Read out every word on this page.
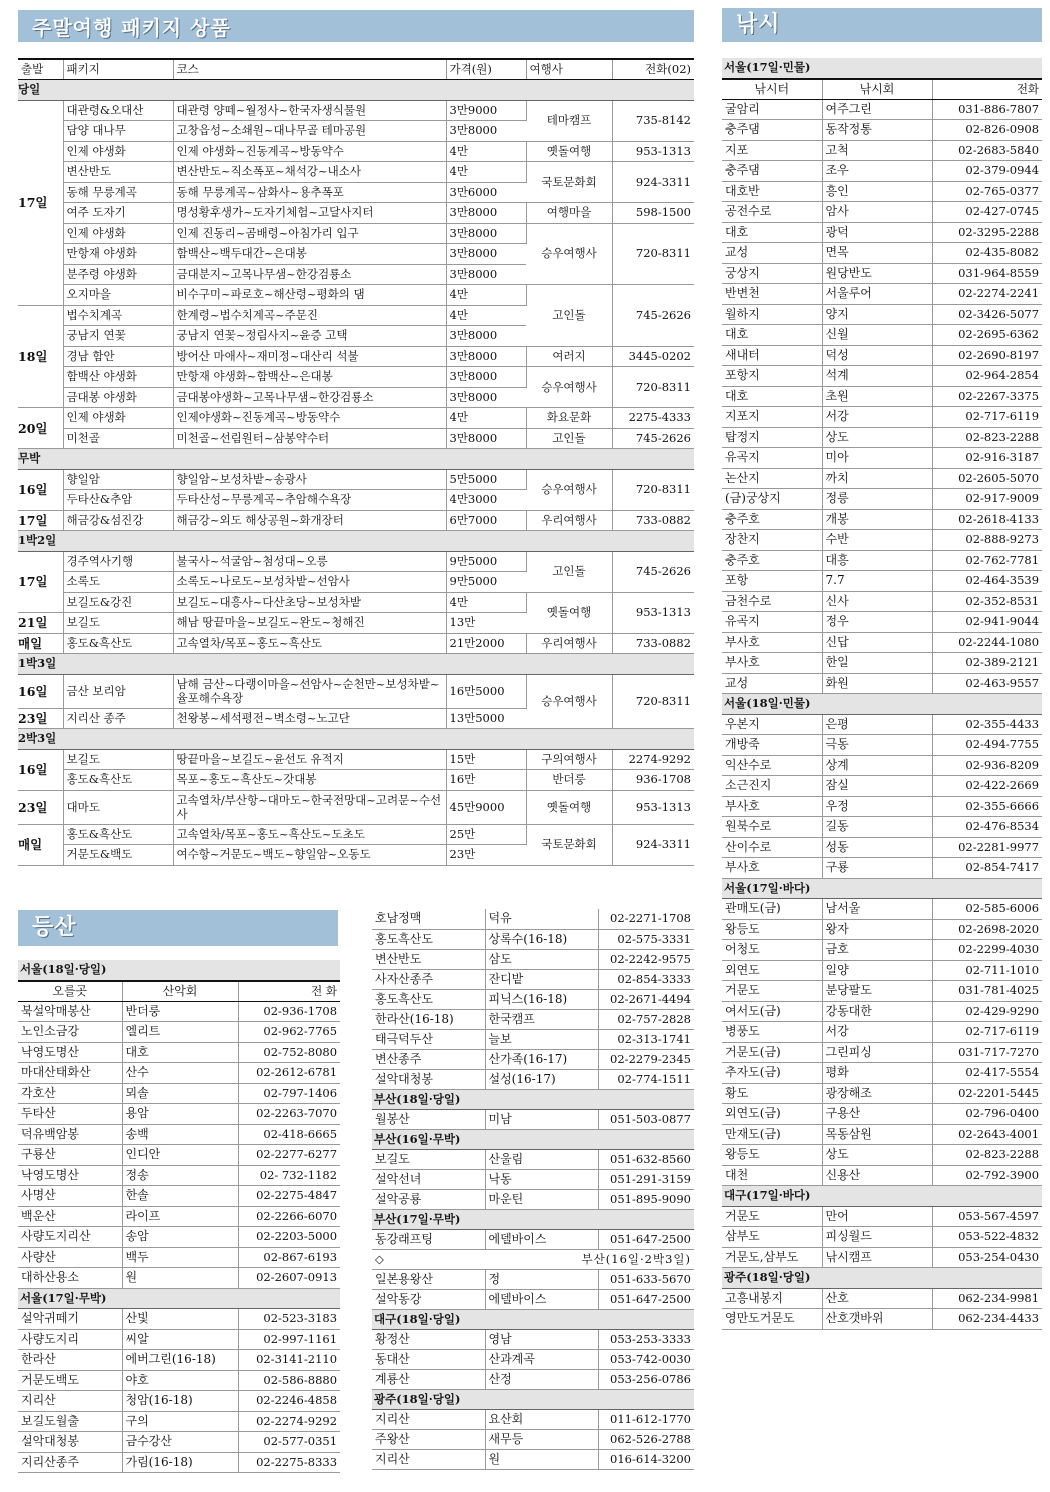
주말여행 패키지 상품
출발	패키지	코스	가격(원)	여행사	전화(02)
당일					
17일	대관령&오대산	대관령 양떼~월정사~한국자생식물원	3만9000	테마캠프	735-8142
	담양 대나무	고창읍성~소쇄원~대나무골 테마공원	3만8000		
	인제 야생화	인제 야생화~진동계곡~방동약수	4만	옛돌여행	953-1313
	변산반도	변산반도~직소폭포~채석강~내소사	4만	국토문화회	924-3311
	동해 무릉계곡	동해 무릉계곡~삼화사~용추폭포	3만6000		
	여주 도자기	명성황후생가~도자기체험~고달사지터	3만8000	여행마을	598-1500
	인제 야생화	인제 진동리~곰배령~아침가리 입구	3만8000	승우여행사	720-8311
	만항재 야생화	함백산~백두대간~은대봉	3만8000		
	분주령 야생화	금대분지~고목나무샘~한강검룡소	3만8000		
	오지마을	비수구미~파로호~해산령~평화의 댐	4만	고인돌	745-2626
18일	법수치계곡	한계령~법수치계곡~주문진	4만		
	궁남지 연꽃	궁남지 연꽃~정림사지~윤증 고택	3만8000		
	경남 함안	방어산 마애사~재미정~대산리 석불	3만8000	여러지	3445-0202
	함백산 야생화	만항재 야생화~함백산~은대봉	3만8000	승우여행사	720-8311
	금대봉 야생화	금대봉야생화~고목나무샘~한강검룡소	3만8000		
20일	인제 야생화	인제야생화~진동계곡~방동약수	4만	화요문화	2275-4333
	미천골	미천골~선림원터~삼봉약수터	3만8000	고인돌	745-2626
무박					
16일	향일암	향일암~보성차밭~송광사	5만5000	승우여행사	720-8311
	두타산&추암	두타산성~무릉계곡~추암해수욕장	4만3000		
17일	해금강&섬진강	해금강~외도 해상공원~화개장터	6만7000	우리여행사	733-0882
1박2일					
17일	경주역사기행	불국사~석굴암~첨성대~오릉	9만5000	고인돌	745-2626
	소록도	소록도~나로도~보성차밭~선암사	9만5000		
	보길도&강진	보길도~대흥사~다산초당~보성차밭	4만	옛돌여행	953-1313
21일	보길도	해남 땅끝마을~보길도~완도~청해진	13만		
매일	홍도&흑산도	고속열차/목포~홍도~흑산도	21만2000	우리여행사	733-0882
1박3일					
16일	금산 보리암	남해 금산~다랭이마을~선암사~순천만~보성차밭~율포해수욕장	16만5000	승우여행사	720-8311
23일	지리산 종주	천왕봉~세석평전~벽소령~노고단	13만5000		
2박3일					
16일	보길도	땅끝마을~보길도~윤선도 유적지	15만	구의여행사	2274-9292
	홍도&흑산도	목포~홍도~흑산도~갓대봉	16만	반더룽	936-1708
23일	대마도	고속열차/부산항~대마도~한국전망대~고려문~수선사	45만9000	옛돌여행	953-1313
매일	홍도&흑산도	고속열차/목포~홍도~흑산도~도초도	25만	국토문화회	924-3311
	거문도&백도	여수항~거문도~백도~향일암~오동도	23만		
등산
서울(18일·당일)		
오를곳	산악회	전 화
북설악매봉산	반더룽	02-936-1708
노인소금강	엘리트	02-962-7765
낙영도명산	대호	02-752-8080
마대산태화산	산수	02-2612-6781
각호산	뫼솔	02-797-1406
두타산	용암	02-2263-7070
덕유백암봉	송백	02-418-6665
구룡산	인디안	02-2277-6277
낙영도명산	정송	02- 732-1182
사명산	한솔	02-2275-4847
백운산	라이프	02-2266-6070
사량도지리산	송암	02-2203-5000
사량산	백두	02-867-6193
대하산용소	원	02-2607-0913
서울(17일·무박)		
설악귀떼기	산빛	02-523-3183
사량도지리	씨알	02-997-1161
한라산	에버그린(16-18)	02-3141-2110
거문도백도	야호	02-586-8880
지리산	청암(16-18)	02-2246-4858
보길도월출	구의	02-2274-9292
설악대청봉	금수강산	02-577-0351
지리산종주	가림(16-18)	02-2275-8333
호남정맥	덕유	02-2271-1708
홍도흑산도	상록수(16-18)	02-575-3331
변산반도	삼도	02-2242-9575
사자산종주	잔디밭	02-854-3333
홍도흑산도	피닉스(16-18)	02-2671-4494
한라산(16-18)	한국캠프	02-757-2828
태극덕두산	늘보	02-313-1741
변산종주	산가족(16-17)	02-2279-2345
설악대청봉	설성(16-17)	02-774-1511
부산(18일·당일)		
월봉산	미남	051-503-0877
부산(16일·무박)		
보길도	산울림	051-632-8560
설악선녀	낙동	051-291-3159
설악공룡	마운틴	051-895-9090
부산(17일·무박)		
동강래프팅	에델바이스	051-647-2500
◇부산(16일·2박3일)		
일본용왕산	정	051-633-5670
설악동강	에델바이스	051-647-2500
대구(18일·당일)		
황정산	영남	053-253-3333
동대산	산과계곡	053-742-0030
계룡산	산정	053-256-0786
광주(18일·당일)		
지리산	요산회	011-612-1770
주왕산	새무등	062-526-2788
지리산	원	016-614-3200
낚시
서울(17일·민물)		
낚시터	낚시회	전화
굴암리	여주그린	031-886-7807
충주댐	동작정통	02-826-0908
지포	고척	02-2683-5840
충주댐	조우	02-379-0944
대호반	흥인	02-765-0377
공전수로	암사	02-427-0745
대호	광덕	02-3295-2288
교성	면목	02-435-8082
궁상지	원당반도	031-964-8559
반변천	서울루어	02-2274-2241
월하지	양지	02-3426-5077
대호	신월	02-2695-6362
새내터	덕성	02-2690-8197
포항지	석계	02-964-2854
대호	초원	02-2267-3375
지포지	서강	02-717-6119
탑정지	상도	02-823-2288
유곡지	미아	02-916-3187
논산지	까치	02-2605-5070
(금)궁상지	정릉	02-917-9009
충주호	개봉	02-2618-4133
장찬지	수반	02-888-9273
충주호	대흥	02-762-7781
포항	7.7	02-464-3539
금천수로	신사	02-352-8531
유곡지	정우	02-941-9044
부사호	신답	02-2244-1080
부사호	한일	02-389-2121
교성	화원	02-463-9557
서울(18일·민물)		
우본지	은평	02-355-4433
개방죽	극동	02-494-7755
익산수로	상계	02-936-8209
소근진지	잠실	02-422-2669
부사호	우정	02-355-6666
원북수로	길동	02-476-8534
산이수로	성동	02-2281-9977
부사호	구룡	02-854-7417
서울(17일·바다)		
관매도(금)	남서울	02-585-6006
왕등도	왕자	02-2698-2020
어청도	금호	02-2299-4030
외연도	일양	02-711-1010
거문도	분당팔도	031-781-4025
여서도(금)	강동대한	02-429-9290
병풍도	서강	02-717-6119
거문도(금)	그린피싱	031-717-7270
추자도(금)	평화	02-417-5554
황도	광장해조	02-2201-5445
외연도(금)	구용산	02-796-0400
만재도(금)	목동삼원	02-2643-4001
왕등도	상도	02-823-2288
대천	신용산	02-792-3900
대구(17일·바다)		
거문도	만어	053-567-4597
삼부도	피싱월드	053-522-4832
거문도,삼부도	낚시캠프	053-254-0430
광주(18일·당일)		
고흥내봉지	산호	062-234-9981
영만도거문도	산호갯바위	062-234-4433
